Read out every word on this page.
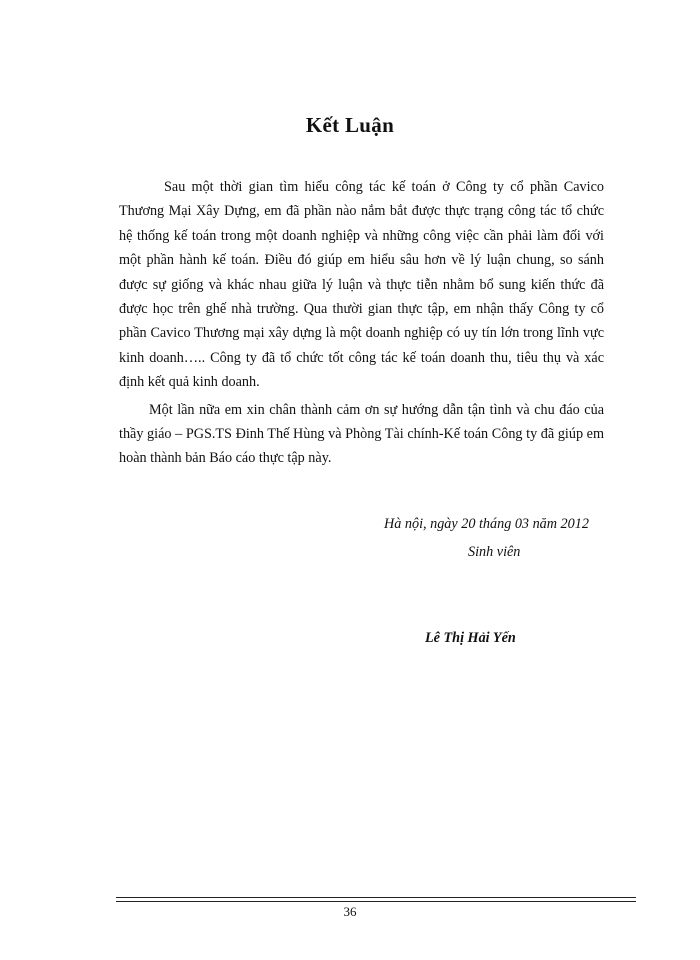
Kết Luận

Sau một thời gian tìm hiểu công tác kế toán ở Công ty cổ phần Cavico Thương Mại Xây Dựng, em đã phần nào nắm bắt được thực trạng công tác tổ chức hệ thống kế toán trong một doanh nghiệp và những công việc cần phải làm đối với một phần hành kế toán. Điều đó giúp em hiểu sâu hơn về lý luận chung, so sánh được sự giống và khác nhau giữa lý luận và thực tiễn nhằm bổ sung kiến thức đã được học trên ghế nhà trường. Qua thười gian thực tập, em nhận thấy Công ty cổ phần Cavico Thương mại xây dựng là một doanh nghiệp có uy tín lớn trong lĩnh vực kinh doanh….. Công ty đã tổ chức tốt công tác kế toán doanh thu, tiêu thụ và xác định kết quả kinh doanh.

Một lần nữa em xin chân thành cảm ơn sự hướng dẫn tận tình và chu đáo của thầy giáo – PGS.TS Đinh Thế Hùng và Phòng Tài chính-Kế toán Công ty đã giúp em hoàn thành bản Báo cáo thực tập này.

Hà nội, ngày 20 tháng 03 năm 2012
Sinh viên
Lê Thị Hải Yến
36
